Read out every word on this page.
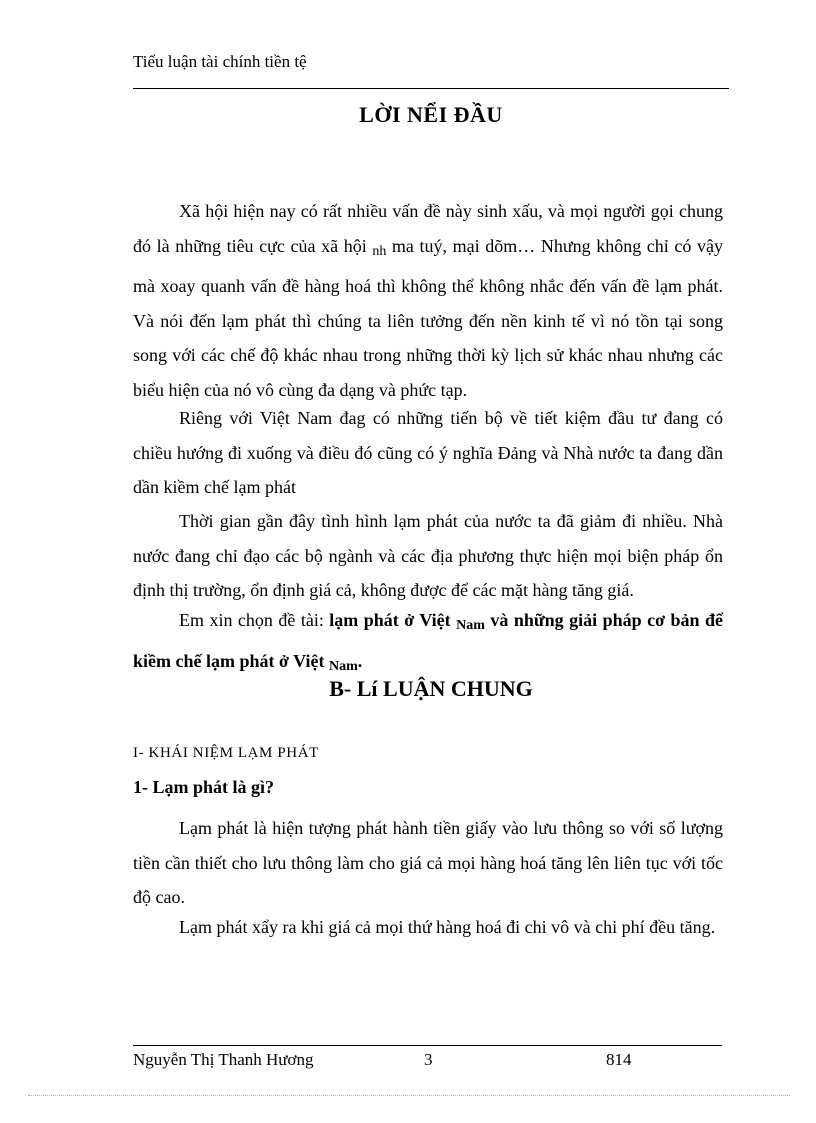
Tiểu luận tài chính tiền tệ
LỜI NỂI ĐẦU

Xã hội hiện nay có rất nhiều vấn đề này sinh xấu, và mọi người gọi chung đó là những tiêu cực của xã hội $_{nh}$ ma tuý, mại dõm… Nhưng không chỉ có vậy mà xoay quanh vấn đề hàng hoá thì không thể không nhắc đến vấn đề lạm phát. Và nói đến lạm phát thì chúng ta liên tưởng đến nền kinh tế vì nó tồn tại song song với các chế độ khác nhau trong những thời kỳ lịch sử khác nhau nhưng các biểu hiện của nó vô cùng đa dạng và phức tạp.

Riêng với Việt Nam đag có những tiến bộ về tiết kiệm đầu tư đang có chiều hướng đi xuống và điều đó cũng có ý nghĩa Đảng và Nhà nước ta đang dần dần kiềm chế lạm phát

Thời gian gần đây tình hình lạm phát của nước ta đã giảm đi nhiều. Nhà nước đang chỉ đạo các bộ ngành và các địa phương thực hiện mọi biện pháp ổn định thị trường, ổn định giá cả, không được để các mặt hàng tăng giá.

Em xin chọn đề tài: lạm phát ở Việt $_{Nam}$ và những giải pháp cơ bản để kiềm chế lạm phát ở Việt $_{Nam}$.

B- Lí LUẬN CHUNG
I- KHÁI NIỆM LẠM PHÁT
1- Lạm phát là gì?

Lạm phát là hiện tượng phát hành tiền giấy vào lưu thông so với số lượng tiền cần thiết cho lưu thông làm cho giá cả mọi hàng hoá tăng lên liên tục với tốc độ cao.

Lạm phát xẩy ra khi giá cả mọi thứ hàng hoá đi chi vô và chi phí đều tăng.

Nguyễn Thị Thanh Hương	3	814
